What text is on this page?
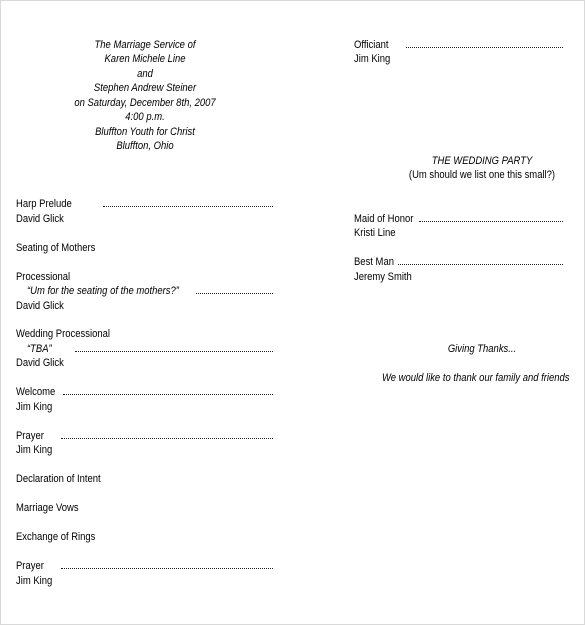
The Marriage Service of
Karen Michele Line
and
Stephen Andrew Steiner
on Saturday, December 8th, 2007
4:00 p.m.
Bluffton Youth for Christ
Bluffton, Ohio
Harp Prelude
David Glick
Seating of Mothers
Processional
“Um for the seating of the mothers?”
David Glick
Wedding Processional
“TBA”
David Glick
Welcome
Jim King
Prayer
Jim King
Declaration of Intent
Marriage Vows
Exchange of Rings
Prayer
Jim King
Officiant
Jim King
THE WEDDING PARTY
(Um should we list one this small?)
Maid of Honor
Kristi Line
Best Man
Jeremy Smith
Giving Thanks...
We would like to thank our family and friends
